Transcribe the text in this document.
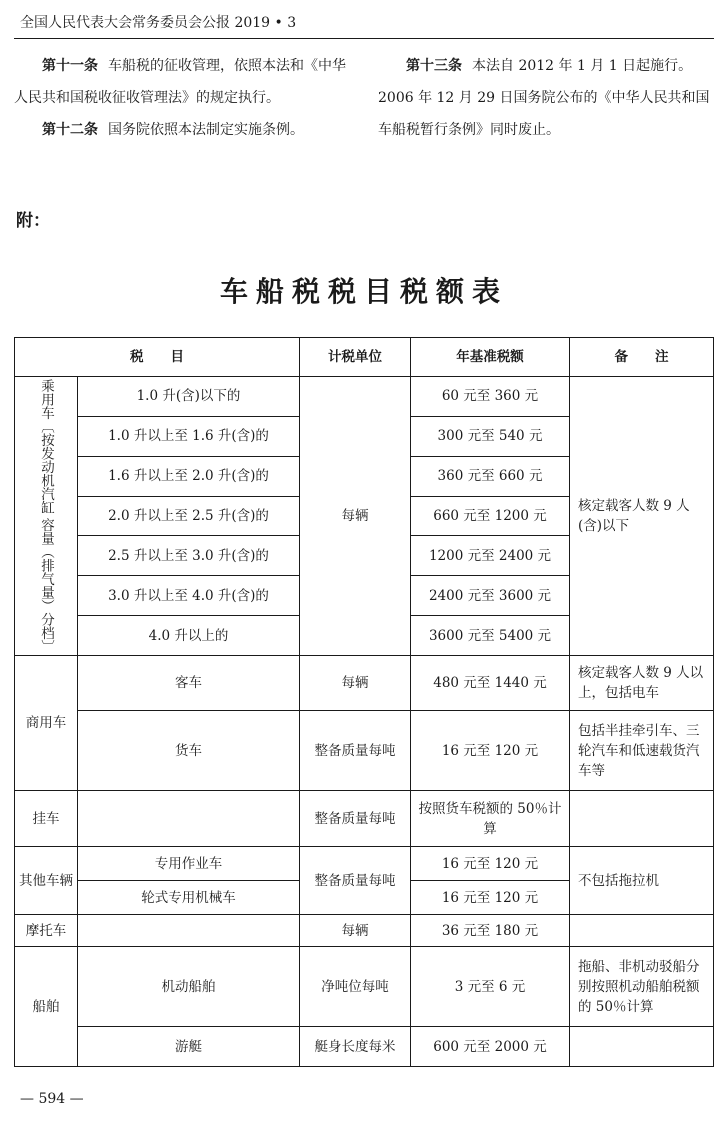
全国人民代表大会常务委员会公报 2019 • 3

第十一条 车船税的征收管理，依照本法和《中华人民共和国税收征收管理法》的规定执行。

第十二条 国务院依照本法制定实施条例。

第十三条 本法自 2012 年 1 月 1 日起施行。

2006 年 12 月 29 日国务院公布的《中华人民共和国车船税暂行条例》同时废止。

附：
车船税税目税额表
税　　目		计税单位	年基准税额	备　　注

乘用车〔按发动机汽缸
容量（排气量）分档〕	1.0 升(含)以下的	每辆	60 元至 360 元	核定载客人数 9 人(含)以下
	1.0 升以上至 1.6 升(含)的		300 元至 540 元	
	1.6 升以上至 2.0 升(含)的		360 元至 660 元	
	2.0 升以上至 2.5 升(含)的		660 元至 1200 元	
	2.5 升以上至 3.0 升(含)的		1200 元至 2400 元	
	3.0 升以上至 4.0 升(含)的		2400 元至 3600 元	
	4.0 升以上的		3600 元至 5400 元	
商用车	客车	每辆	480 元至 1440 元	核定载客人数 9 人以上，包括电车
	货车	整备质量每吨	16 元至 120 元	包括半挂牵引车、三轮汽车和低速载货汽车等
挂车		整备质量每吨	按照货车税额的 50％计算	
其他车辆	专用作业车	整备质量每吨	16 元至 120 元	不包括拖拉机
	轮式专用机械车		16 元至 120 元	
摩托车		每辆	36 元至 180 元	
船舶	机动船舶	净吨位每吨	3 元至 6 元	拖船、非机动驳船分别按照机动船舶税额的 50％计算
	游艇	艇身长度每米	600 元至 2000 元	
— 594 —
